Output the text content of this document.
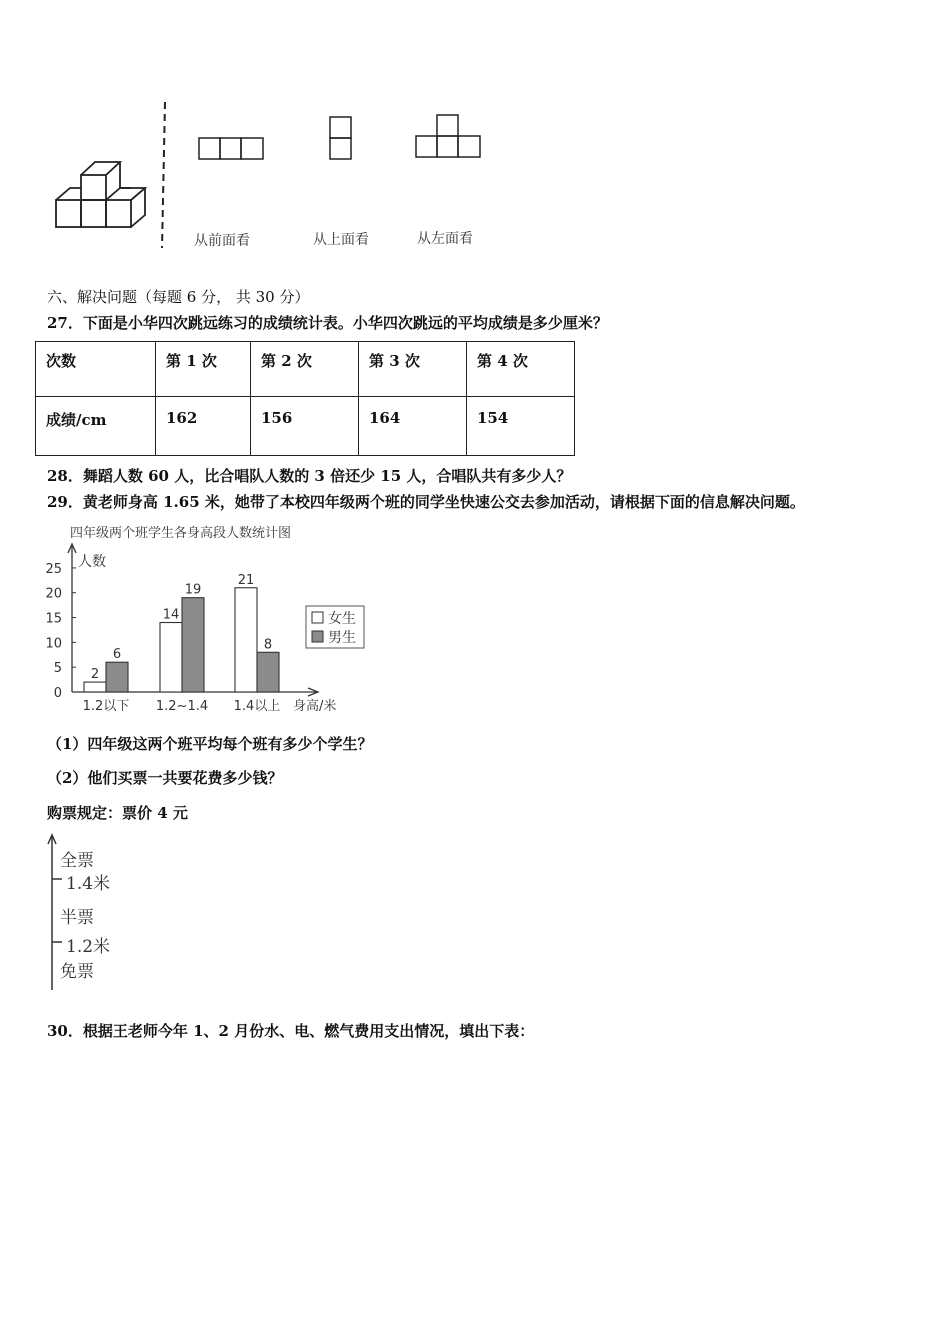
从前面看	从上面看	从左面看
六、解决问题（每题 6 分， 共 30 分）
27．下面是小华四次跳远练习的成绩统计表。小华四次跳远的平均成绩是多少厘米？
次数	第 1 次	第 2 次	第 3 次	第 4 次
成绩/cm	162	156	164	154
28．舞蹈人数 60 人，比合唱队人数的 3 倍还少 15 人，合唱队共有多少人？
29．黄老师身高 1.65 米，她带了本校四年级两个班的同学坐快速公交去参加活动，请根据下面的信息解决问题。
四年级两个班学生各身高段人数统计图
人数
身高/米
0
5
10
15
20
25
2
6
1.2以下
14
19
1.2~1.4
21
8
1.4以上
女生
男生
（1）四年级这两个班平均每个班有多少个学生？
（2）他们买票一共要花费多少钱？
购票规定：票价 4 元
全票
1.4米
半票
1.2米
免票
30．根据王老师今年 1、2 月份水、电、燃气费用支出情况，填出下表：
